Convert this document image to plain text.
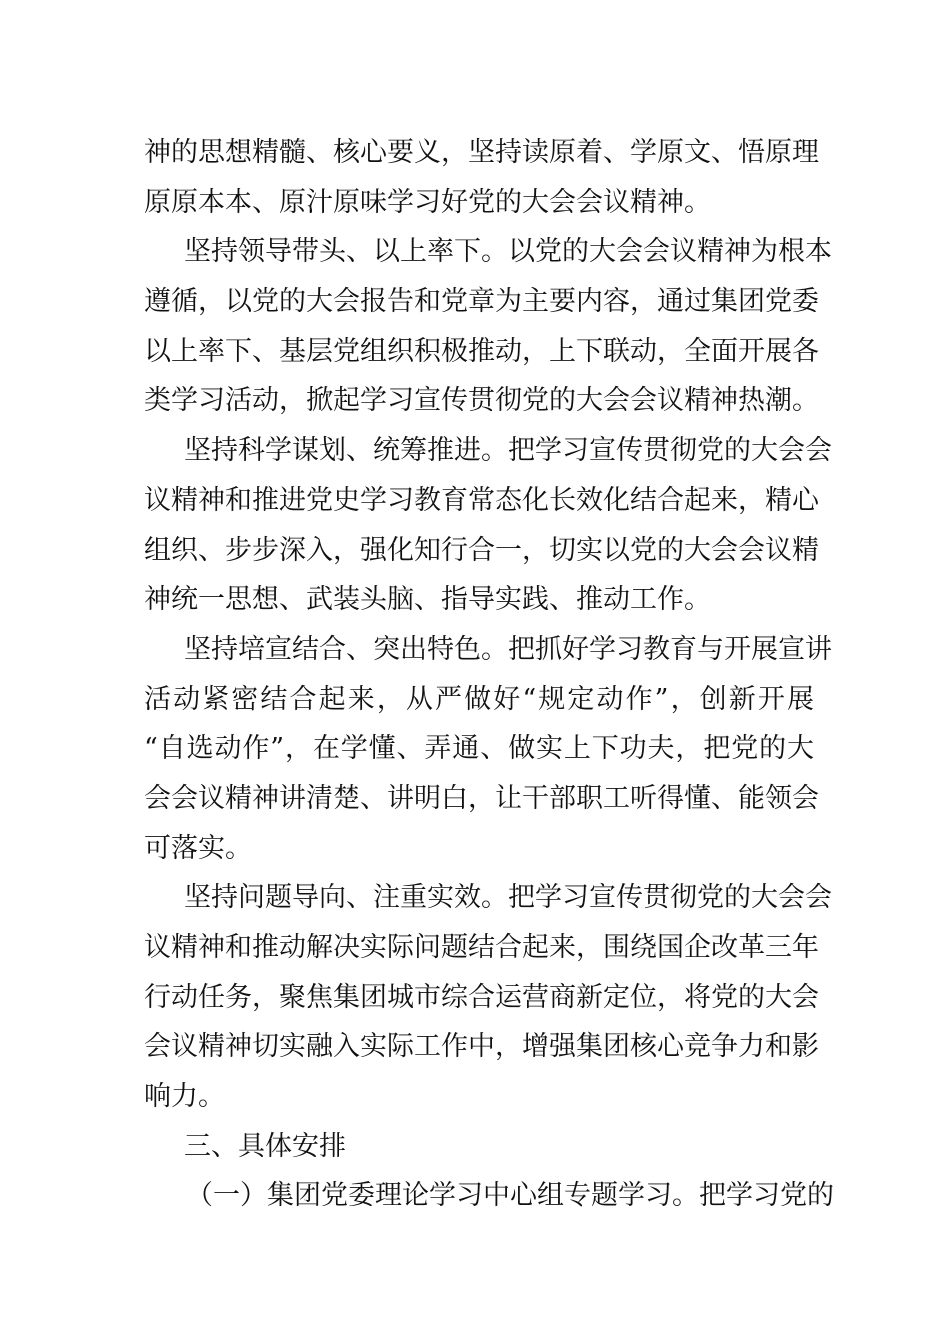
神的思想精髓、核心要义，坚持读原着、学原文、悟原理
原原本本、原汁原味学习好党的大会会议精神。
坚持领导带头、以上率下。以党的大会会议精神为根本
遵循，以党的大会报告和党章为主要内容，通过集团党委
以上率下、基层党组织积极推动，上下联动，全面开展各
类学习活动，掀起学习宣传贯彻党的大会会议精神热潮。
坚持科学谋划、统筹推进。把学习宣传贯彻党的大会会
议精神和推进党史学习教育常态化长效化结合起来，精心
组织、步步深入，强化知行合一，切实以党的大会会议精
神统一思想、武装头脑、指导实践、推动工作。
坚持培宣结合、突出特色。把抓好学习教育与开展宣讲
活动紧密结合起来，从严做好“规定动作”，创新开展
“自选动作”，在学懂、弄通、做实上下功夫，把党的大
会会议精神讲清楚、讲明白，让干部职工听得懂、能领会
可落实。
坚持问题导向、注重实效。把学习宣传贯彻党的大会会
议精神和推动解决实际问题结合起来，围绕国企改革三年
行动任务，聚焦集团城市综合运营商新定位，将党的大会
会议精神切实融入实际工作中，增强集团核心竞争力和影
响力。
三、具体安排
（一）集团党委理论学习中心组专题学习。把学习党的
